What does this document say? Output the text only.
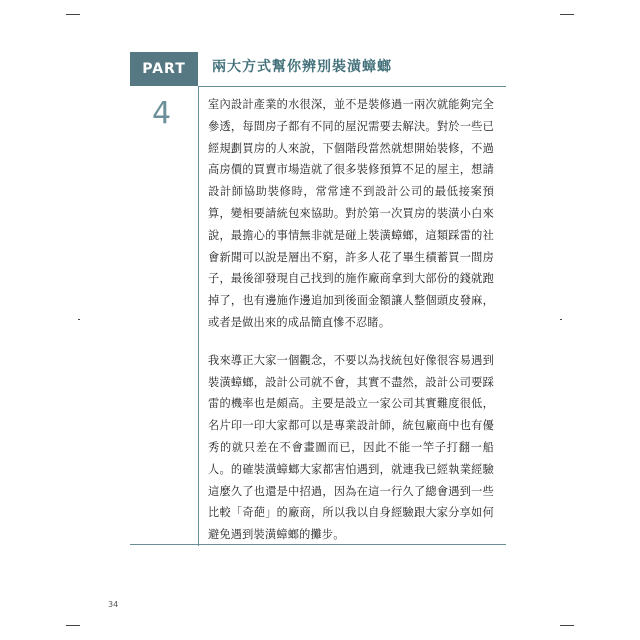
PART	兩大方式幫你辨別裝潢蟑螂
4	室內設計產業的水很深，並不是裝修過一兩次就能夠完全參透，每間房子都有不同的屋況需要去解決。對於一些已經規劃買房的人來說，下個階段當然就想開始裝修，不過高房價的買賣市場造就了很多裝修預算不足的屋主，想請設計師協助裝修時，常常達不到設計公司的最低接案預算，變相要請統包來協助。對於第一次買房的裝潢小白來說，最擔心的事情無非就是碰上裝潢蟑螂，這類踩雷的社會新聞可以說是層出不窮，許多人花了畢生積蓄買一間房子，最後卻發現自己找到的施作廠商拿到大部份的錢就跑掉了，也有邊施作邊追加到後面金額讓人整個頭皮發麻，或者是做出來的成品簡直慘不忍睹。

我來導正大家一個觀念，不要以為找統包好像很容易遇到裝潢蟑螂，設計公司就不會，其實不盡然，設計公司要踩雷的機率也是頗高。主要是設立一家公司其實難度很低，名片印一印大家都可以是專業設計師，統包廠商中也有優秀的就只差在不會畫圖而已，因此不能一竿子打翻一船人。的確裝潢蟑螂大家都害怕遇到，就連我已經執業經驗這麼久了也還是中招過，因為在這一行久了總會遇到一些比較「奇葩」的廠商，所以我以自身經驗跟大家分享如何避免遇到裝潢蟑螂的攤步。

34
